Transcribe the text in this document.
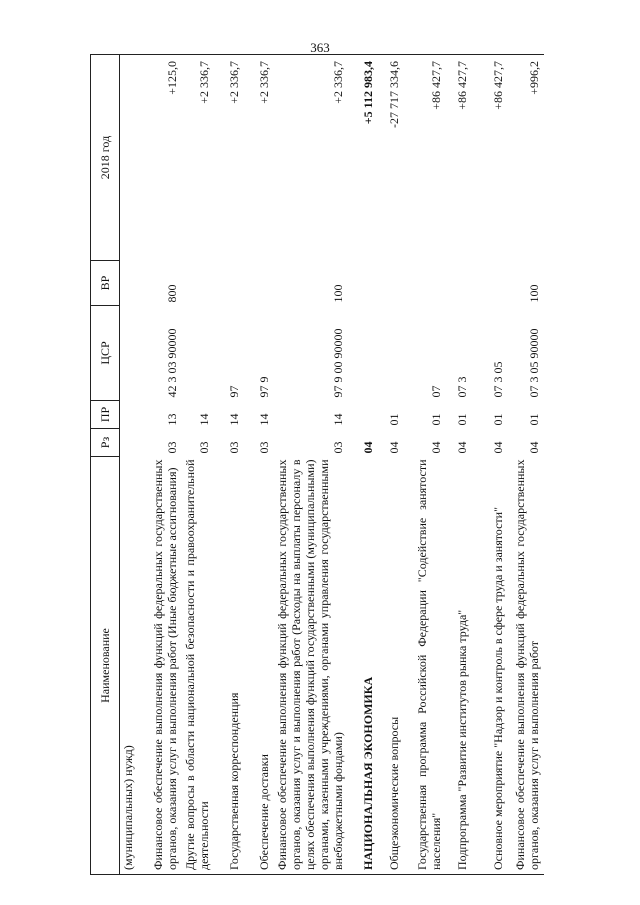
363
Наименование	Рз	ПР	ЦСР	ВР	2018 год
(муниципальных) нужд)					
Финансовое обеспечение выполнения функций федеральных государственных органов, оказания услуг и выполнения работ (Иные бюджетные ассигнования)	03	13	42 3 03 90000	800	+125,0
Другие вопросы в области национальной безопасности и правоохранительной деятельности	03	14			+2 336,7
Государственная корреспонденция	03	14	97		+2 336,7
Обеспечение доставки	03	14	97 9		+2 336,7
Финансовое обеспечение выполнения функций федеральных государственных органов, оказания услуг и выполнения работ (Расходы на выплаты персоналу в целях обеспечения выполнения функций государственными (муниципальными) органами, казенными учреждениями, органами управления государственными внебюджетными фондами)	03	14	97 9 00 90000	100	+2 336,7
НАЦИОНАЛЬНАЯ ЭКОНОМИКА	04				+5 112 983,4
Общеэкономические вопросы	04	01			-27 717 334,6
Государственная программа Российской Федерации "Содействие занятости населения"	04	01	07		+86 427,7
Подпрограмма "Развитие институтов рынка труда"	04	01	07 3		+86 427,7
Основное мероприятие "Надзор и контроль в сфере труда и занятости"	04	01	07 3 05		+86 427,7
Финансовое обеспечение выполнения функций федеральных государственных органов, оказания услуг и выполнения работ	04	01	07 3 05 90000	100	+996,2
